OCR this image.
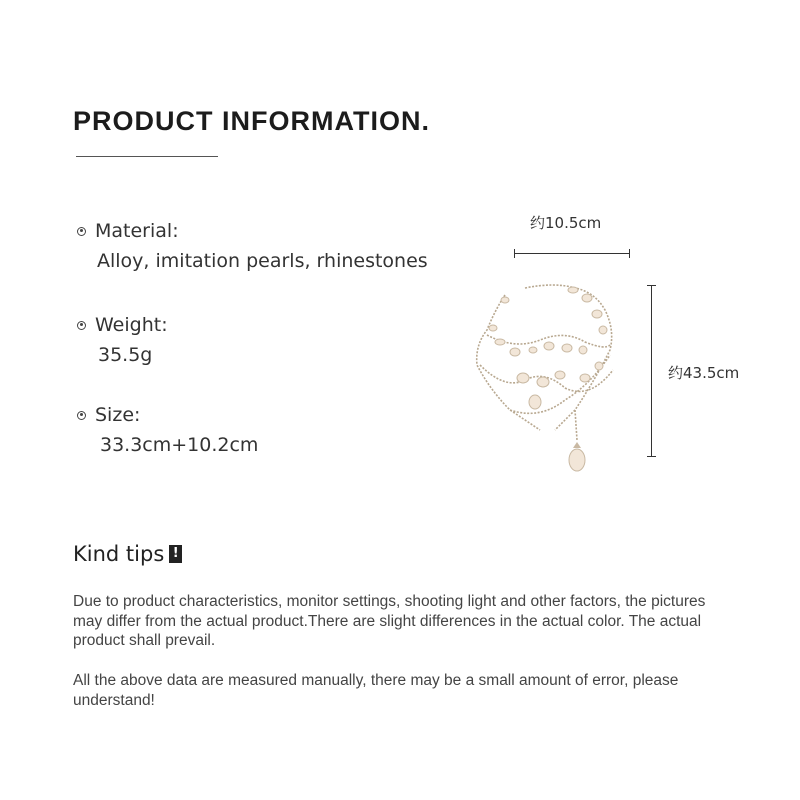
PRODUCT INFORMATION.
Material:
Alloy, imitation pearls, rhinestones
Weight:
35.5g
Size:
33.3cm+10.2cm
约10.5cm
约43.5cm
Kind tips !

Due to product characteristics, monitor settings, shooting light and other factors, the pictures may differ from the actual product.There are slight differences in the actual color. The actual product shall prevail.

All the above data are measured manually, there may be a small amount of error, please understand!
